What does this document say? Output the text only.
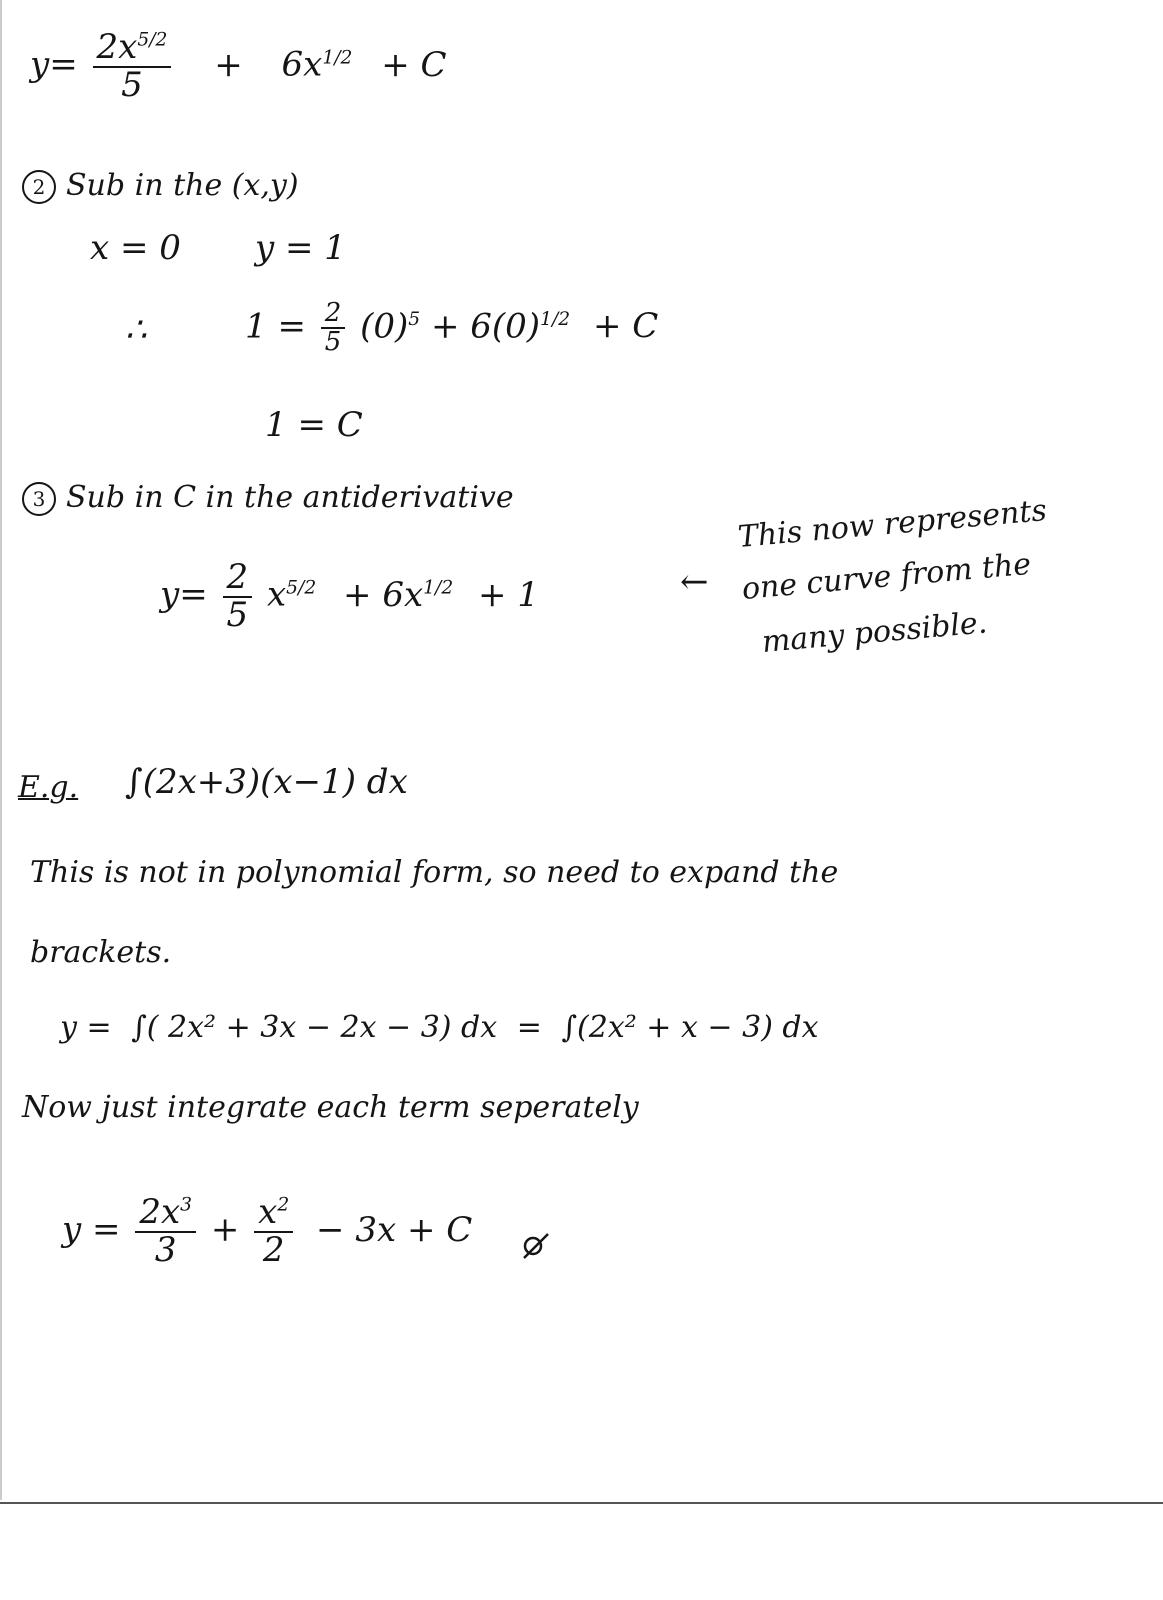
$y= \frac{2x^{5/2}}{5} + 6x^{1/2} + C$
2 Sub in the (x,y)
x = 0 y = 1
∴	$1 = \frac{2}{5} (0)^5 + 6(0)^{1/2} + C$
1 = C
3 Sub in C in the antiderivative
$y= \frac{2}{5} x^{5/2} + 6x^{1/2} + 1$	←
This now represents
one curve from the
many possible.
E.g. ∫(2x+3)(x−1) dx
This is not in polynomial form, so need to expand the
brackets.
y = ∫( 2x² + 3x − 2x − 3) dx = ∫(2x² + x − 3) dx
Now just integrate each term seperately
$y = \frac{2x^3}{3} + \frac{x^2}{2} - 3x + C$
